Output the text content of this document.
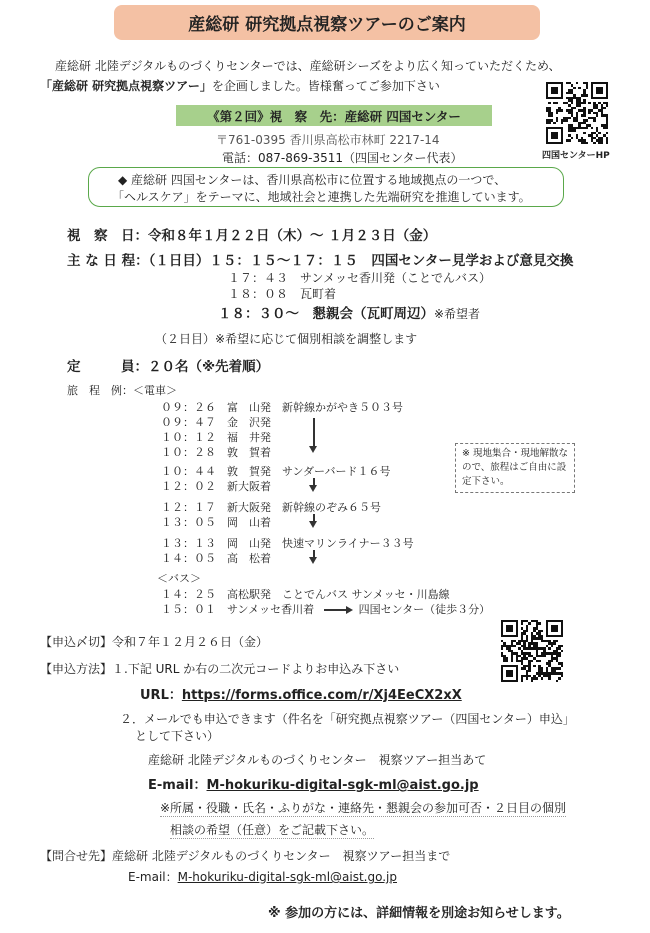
産総研 研究拠点視察ツアーのご案内
産総研 北陸デジタルものづくりセンターでは、産総研シーズをより広く知っていただくため、
「産総研 研究拠点視察ツアー」を企画しました。皆様奮ってご参加下さい
四国センターHP
《第２回》視　察　先：産総研 四国センター
〒761-0395 香川県高松市林町 2217-14
電話：087-869-3511（四国センター代表）
◆ 産総研 四国センターは、香川県高松市に位置する地域拠点の一つで、
「ヘルスケア」をテーマに、地域社会と連携した先端研究を推進しています。
視　察　日：令和８年１月２２日（木）～ １月２３日（金）
主 な 日 程：（１日目）１５：１５～１７：１５　四国センター見学および意見交換
１７：４３　サンメッセ香川発（ことでんバス）
１８：０８　瓦町着
１８：３０～　懇親会（瓦町周辺）※希望者
（２日目）※希望に応じて個別相談を調整します
定　　　員：２０名（※先着順）
旅　程　例：＜電車＞
０９：２６　富　山発　新幹線かがやき５０３号
０９：４７　金　沢発
１０：１２　福　井発
１０：２８　敦　賀着
１０：４４　敦　賀発　サンダーバード１６号
１２：０２　新大阪着
１２：１７　新大阪発　新幹線のぞみ６５号
１３：０５　岡　山着
１３：１３　岡　山発　快速マリンライナー３３号
１４：０５　高　松着
＜バス＞
１４：２５　高松駅発　ことでんバス サンメッセ・川島線
１５：０１　サンメッセ香川着	四国センター（徒歩３分）
※ 現地集合・現地解散なので、旅程はご自由に設定下さい。
【申込〆切】令和７年１２月２６日（金）
【申込方法】１.下記 URL か右の二次元コードよりお申込み下さい
URL：https://forms.office.com/r/Xj4EeCX2xX
２．メールでも申込できます（件名を「研究拠点視察ツアー（四国センター）申込」
として下さい）
産総研 北陸デジタルものづくりセンター　視察ツアー担当あて
E-mail：M-hokuriku-digital-sgk-ml@aist.go.jp
※所属・役職・氏名・ふりがな・連絡先・懇親会の参加可否・２日目の個別
相談の希望（任意）をご記載下さい。
【問合せ先】産総研 北陸デジタルものづくりセンター　視察ツアー担当まで
E-mail：M-hokuriku-digital-sgk-ml@aist.go.jp
※ 参加の方には、詳細情報を別途お知らせします。
